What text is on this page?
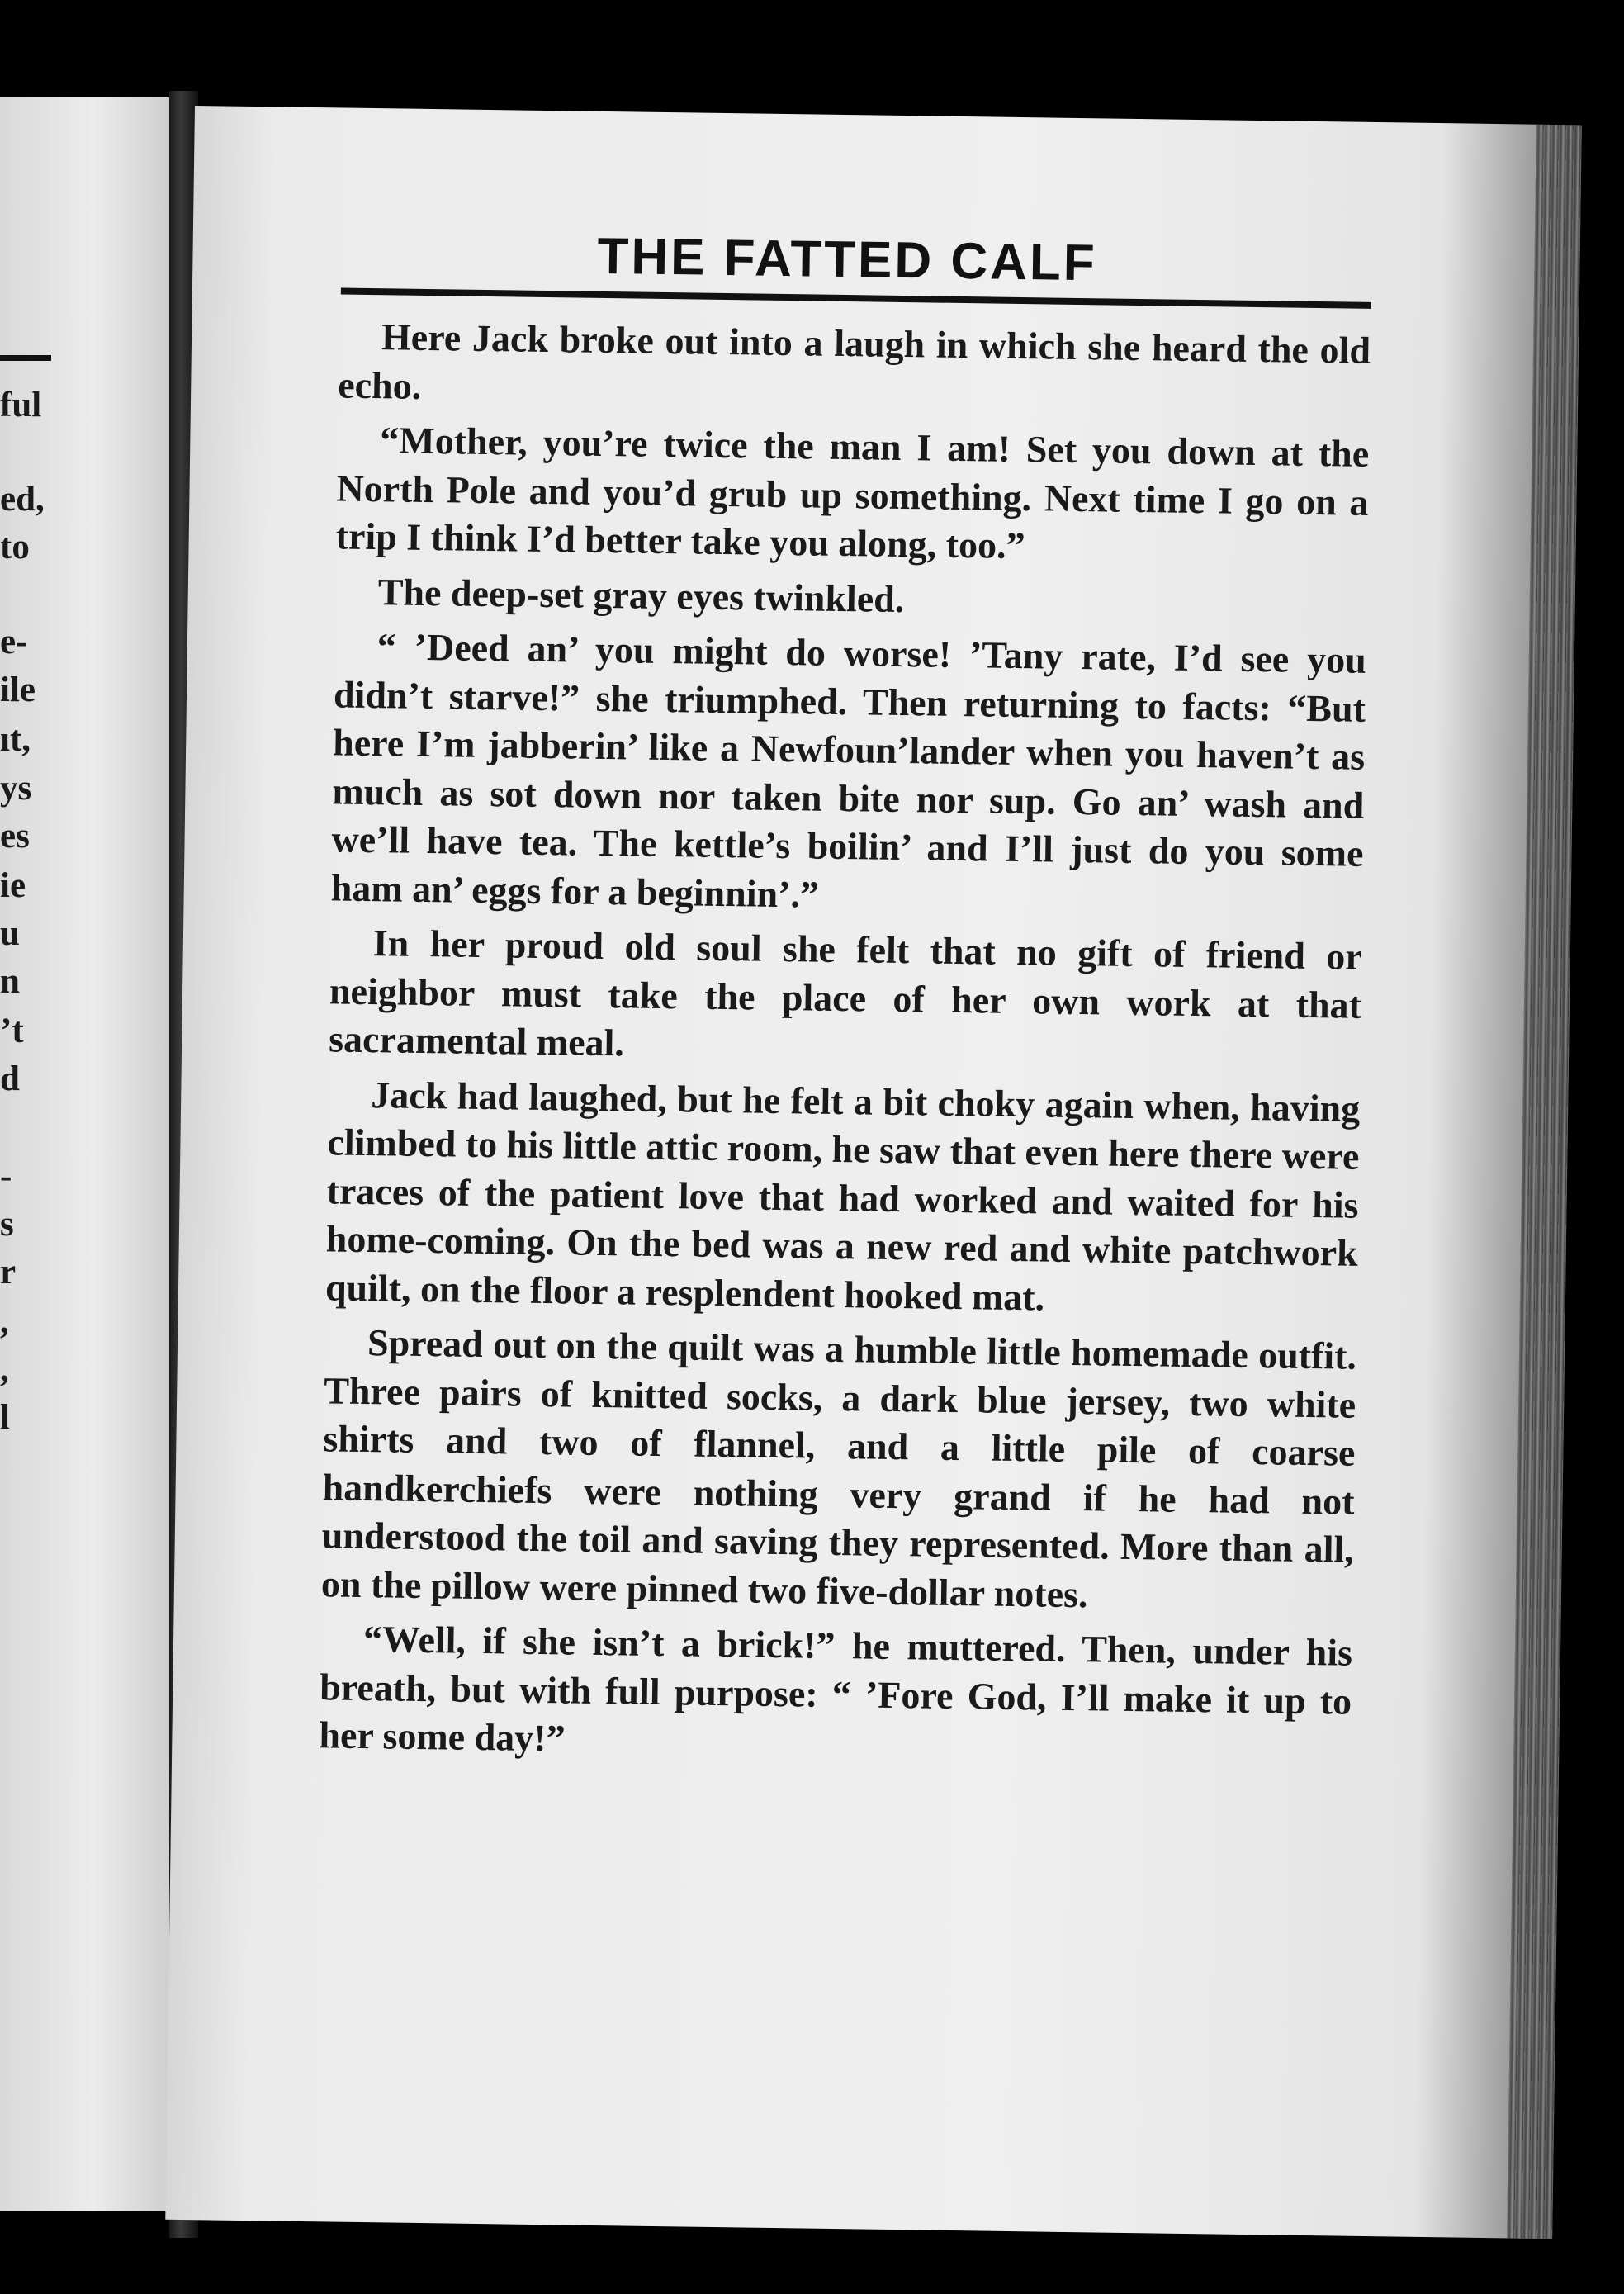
ful
ed,
to
e-
ile
ıt,
ys
es
ie
u
n
’t
d
-
s
r
,
,
l
THE FATTED CALF

Here Jack broke out into a laugh in which she heard the old echo.

“Mother, you’re twice the man I am! Set you down at the North Pole and you’d grub up something. Next time I go on a trip I think I’d better take you along, too.”

The deep-set gray eyes twinkled.

“ ’Deed an’ you might do worse! ’Tany rate, I’d see you didn’t starve!” she triumphed. Then returning to facts: “But here I’m jabberin’ like a Newfoun’lander when you haven’t as much as sot down nor taken bite nor sup. Go an’ wash and we’ll have tea. The kettle’s boilin’ and I’ll just do you some ham an’ eggs for a beginnin’.”

In her proud old soul she felt that no gift of friend or neighbor must take the place of her own work at that sacramental meal.

Jack had laughed, but he felt a bit choky again when, having climbed to his little attic room, he saw that even here there were traces of the patient love that had worked and waited for his home-coming. On the bed was a new red and white patchwork quilt, on the floor a resplendent hooked mat.

Spread out on the quilt was a humble little homemade outfit. Three pairs of knitted socks, a dark blue jersey, two white shirts and two of flannel, and a little pile of coarse handkerchiefs were nothing very grand if he had not understood the toil and saving they represented. More than all, on the pillow were pinned two five-dollar notes.

“Well, if she isn’t a brick!” he muttered. Then, under his breath, but with full purpose: “ ’Fore God, I’ll make it up to her some day!”
